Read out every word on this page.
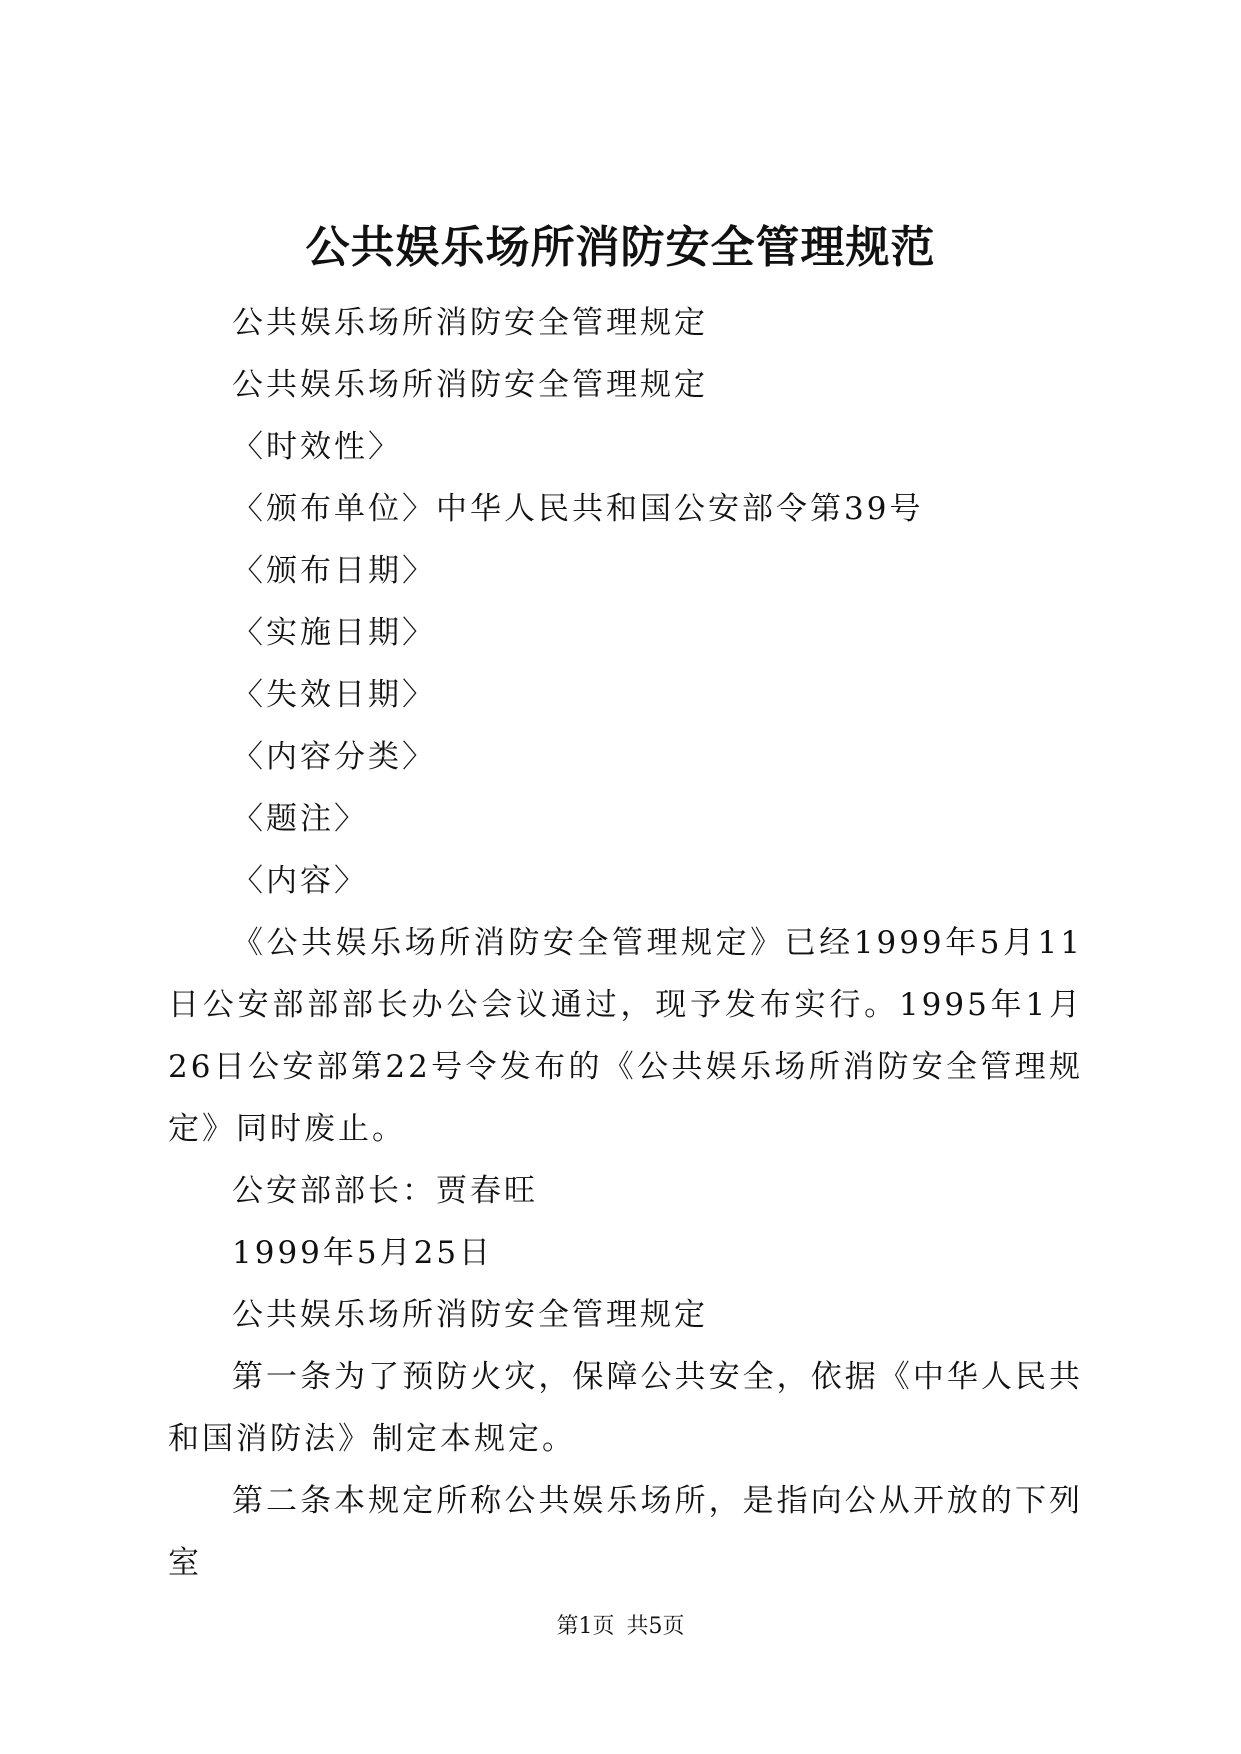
公共娱乐场所消防安全管理规范

公共娱乐场所消防安全管理规定

公共娱乐场所消防安全管理规定

〈时效性〉

〈颁布单位〉中华人民共和国公安部令第39号

〈颁布日期〉

〈实施日期〉

〈失效日期〉

〈内容分类〉

〈题注〉

〈内容〉

《公共娱乐场所消防安全管理规定》已经1999年5月11日公安部部部长办公会议通过，现予发布实行。1995年1月26日公安部第22号令发布的《公共娱乐场所消防安全管理规定》同时废止。

公安部部长：贾春旺

1999年5月25日

公共娱乐场所消防安全管理规定

第一条为了预防火灾，保障公共安全，依据《中华人民共和国消防法》制定本规定。

第二条本规定所称公共娱乐场所，是指向公从开放的下列室

第1页 共5页
